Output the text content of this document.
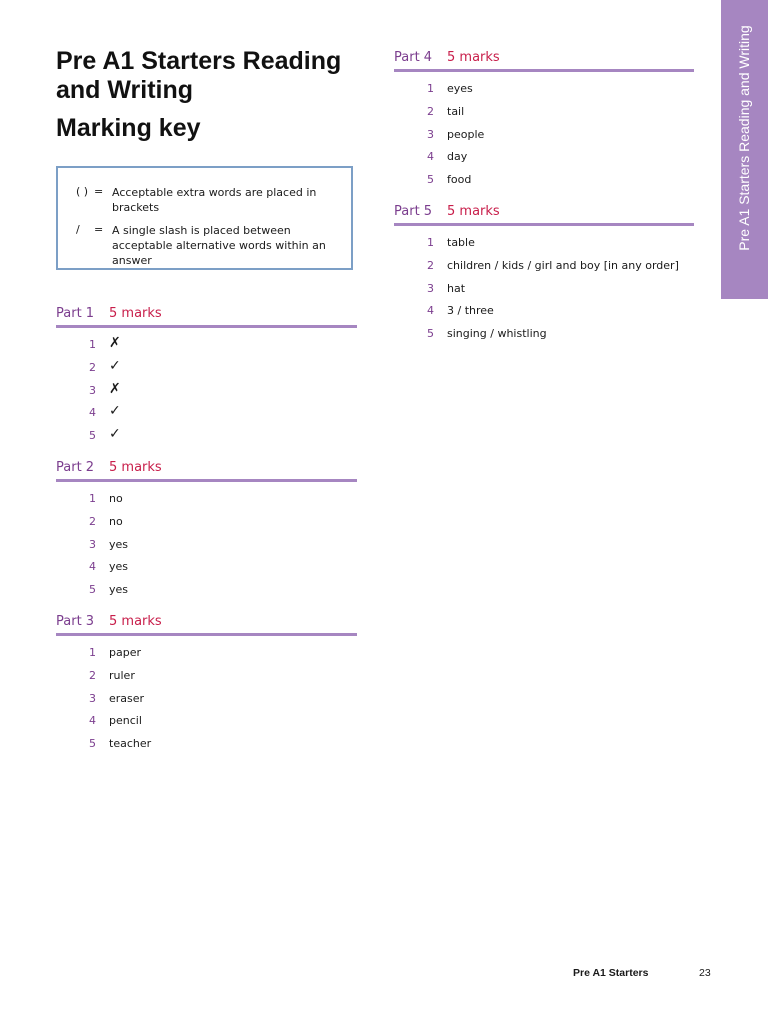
Pre A1 Starters Reading and Writing
Pre A1 Starters Reading and Writing
Marking key
( ) = Acceptable extra words are placed in brackets
/ = A single slash is placed between acceptable alternative words within an answer
Part 1 5 marks
1 ✗
2 ✓
3 ✗
4 ✓
5 ✓
Part 2 5 marks
1 no
2 no
3 yes
4 yes
5 yes
Part 3 5 marks
1 paper
2 ruler
3 eraser
4 pencil
5 teacher
Part 4 5 marks
1 eyes
2 tail
3 people
4 day
5 food
Part 5 5 marks
1 table
2 children / kids / girl and boy [in any order]
3 hat
4 3 / three
5 singing / whistling
Pre A1 Starters	23
